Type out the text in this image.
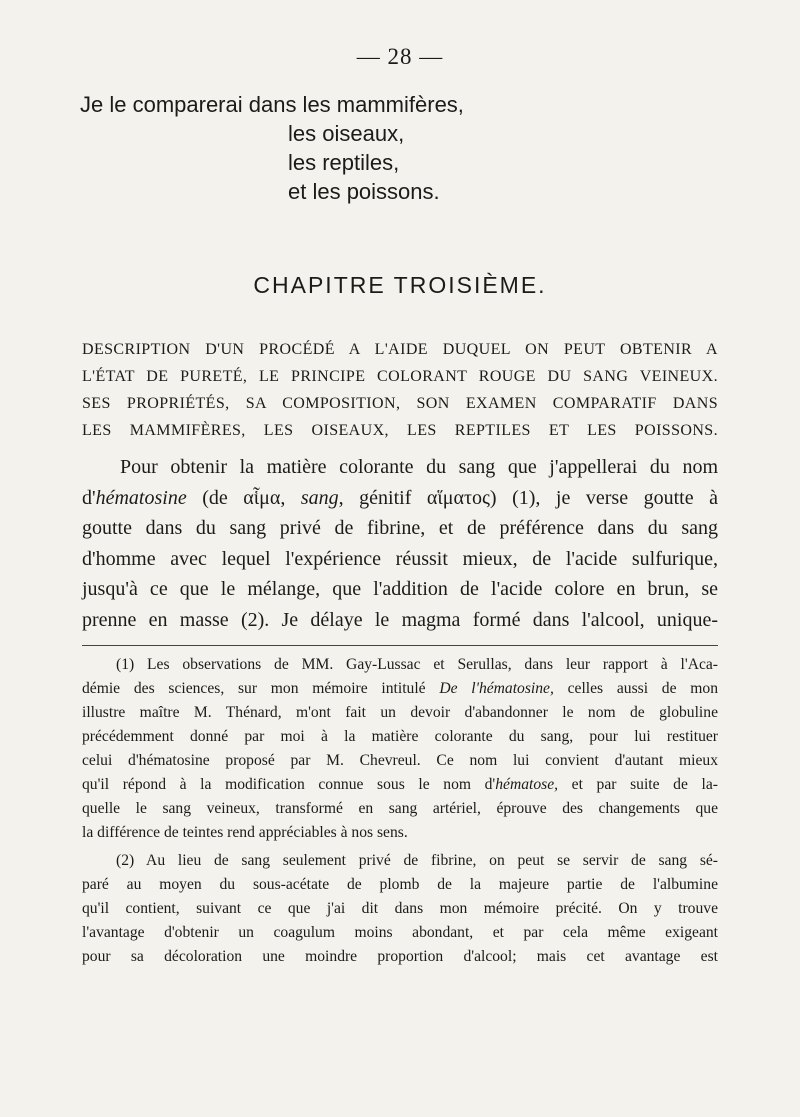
— 28 —
Je le comparerai dans les mammifères,
les oiseaux,
les reptiles,
et les poissons.
CHAPITRE TROISIÈME.
DESCRIPTION D'UN PROCÉDÉ A L'AIDE DUQUEL ON PEUT OBTENIR A
L'ÉTAT DE PURETÉ, LE PRINCIPE COLORANT ROUGE DU SANG VEINEUX.
SES PROPRIÉTÉS, SA COMPOSITION, SON EXAMEN COMPARATIF DANS
LES MAMMIFÈRES, LES OISEAUX, LES REPTILES ET LES POISSONS.
Pour obtenir la matière colorante du sang que j'appellerai du nom
d'hématosine (de αἷμα, sang, génitif αἵματος) (1), je verse goutte à
goutte dans du sang privé de fibrine, et de préférence dans du sang
d'homme avec lequel l'expérience réussit mieux, de l'acide sulfurique,
jusqu'à ce que le mélange, que l'addition de l'acide colore en brun, se
prenne en masse (2). Je délaye le magma formé dans l'alcool, unique-
(1) Les observations de MM. Gay-Lussac et Serullas, dans leur rapport à l'Aca-
démie des sciences, sur mon mémoire intitulé De l'hématosine, celles aussi de mon
illustre maître M. Thénard, m'ont fait un devoir d'abandonner le nom de globuline
précédemment donné par moi à la matière colorante du sang, pour lui restituer
celui d'hématosine proposé par M. Chevreul. Ce nom lui convient d'autant mieux
qu'il répond à la modification connue sous le nom d'hématose, et par suite de la-
quelle le sang veineux, transformé en sang artériel, éprouve des changements que
la différence de teintes rend appréciables à nos sens.
(2) Au lieu de sang seulement privé de fibrine, on peut se servir de sang sé-
paré au moyen du sous-acétate de plomb de la majeure partie de l'albumine
qu'il contient, suivant ce que j'ai dit dans mon mémoire précité. On y trouve
l'avantage d'obtenir un coagulum moins abondant, et par cela même exigeant
pour sa décoloration une moindre proportion d'alcool; mais cet avantage est
